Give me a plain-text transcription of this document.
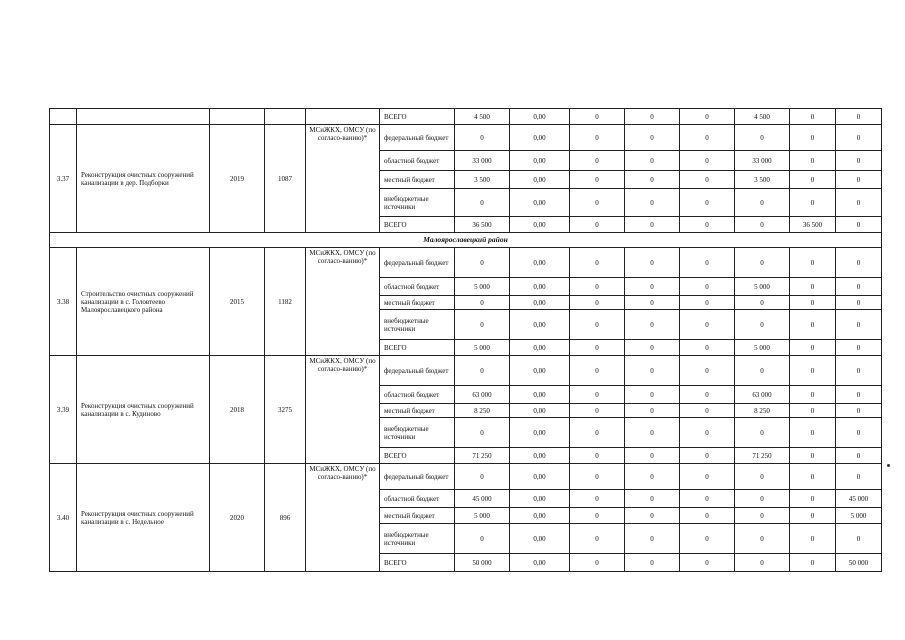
					ВСЕГО	4 500	0,00	0	0	0	4 500	0	0
3.37	Реконструкция очистных сооружений канализации в дер. Подборки	2019	1087	МСиЖКХ, ОМСУ (по согласо-ванию)*	федеральный бюджет	0	0,00	0	0	0	0	0	0
					областной бюджет	33 000	0,00	0	0	0	33 000	0	0
					местный бюджет	3 500	0,00	0	0	0	3 500	0	0
					внебюджетные источники	0	0,00	0	0	0	0	0	0
					ВСЕГО	36 500	0,00	0	0	0	0	36 500	0
Малоярославецкий район													
3.38	Строительство очистных сооружений канализации в с. Головтеево Малоярославецкого района	2015	1182	МСиЖКХ, ОМСУ (по согласо-ванию)*	федеральный бюджет	0	0,00	0	0	0	0	0	0
					областной бюджет	5 000	0,00	0	0	0	5 000	0	0
					местный бюджет	0	0,00	0	0	0	0	0	0
					внебюджетные источники	0	0,00	0	0	0	0	0	0
					ВСЕГО	5 000	0,00	0	0	0	5 000	0	0
3.39	Реконструкция очистных сооружений канализации в с. Кудиново	2018	3275	МСиЖКХ, ОМСУ (по согласо-ванию)*	федеральный бюджет	0	0,00	0	0	0	0	0	0
					областной бюджет	63 000	0,00	0	0	0	63 000	0	0
					местный бюджет	8 250	0,00	0	0	0	8 250	0	0
					внебюджетные источники	0	0,00	0	0	0	0	0	0
					ВСЕГО	71 250	0,00	0	0	0	71 250	0	0
3.40	Реконструкция очистных сооружений канализации в с. Недельное	2020	896	МСиЖКХ, ОМСУ (по согласо-ванию)*	федеральный бюджет	0	0,00	0	0	0	0	0	0
					областной бюджет	45 000	0,00	0	0	0	0	0	45 000
					местный бюджет	5 000	0,00	0	0	0	0	0	5 000
					внебюджетные источники	0	0,00	0	0	0	0	0	0
					ВСЕГО	50 000	0,00	0	0	0	0	0	50 000
